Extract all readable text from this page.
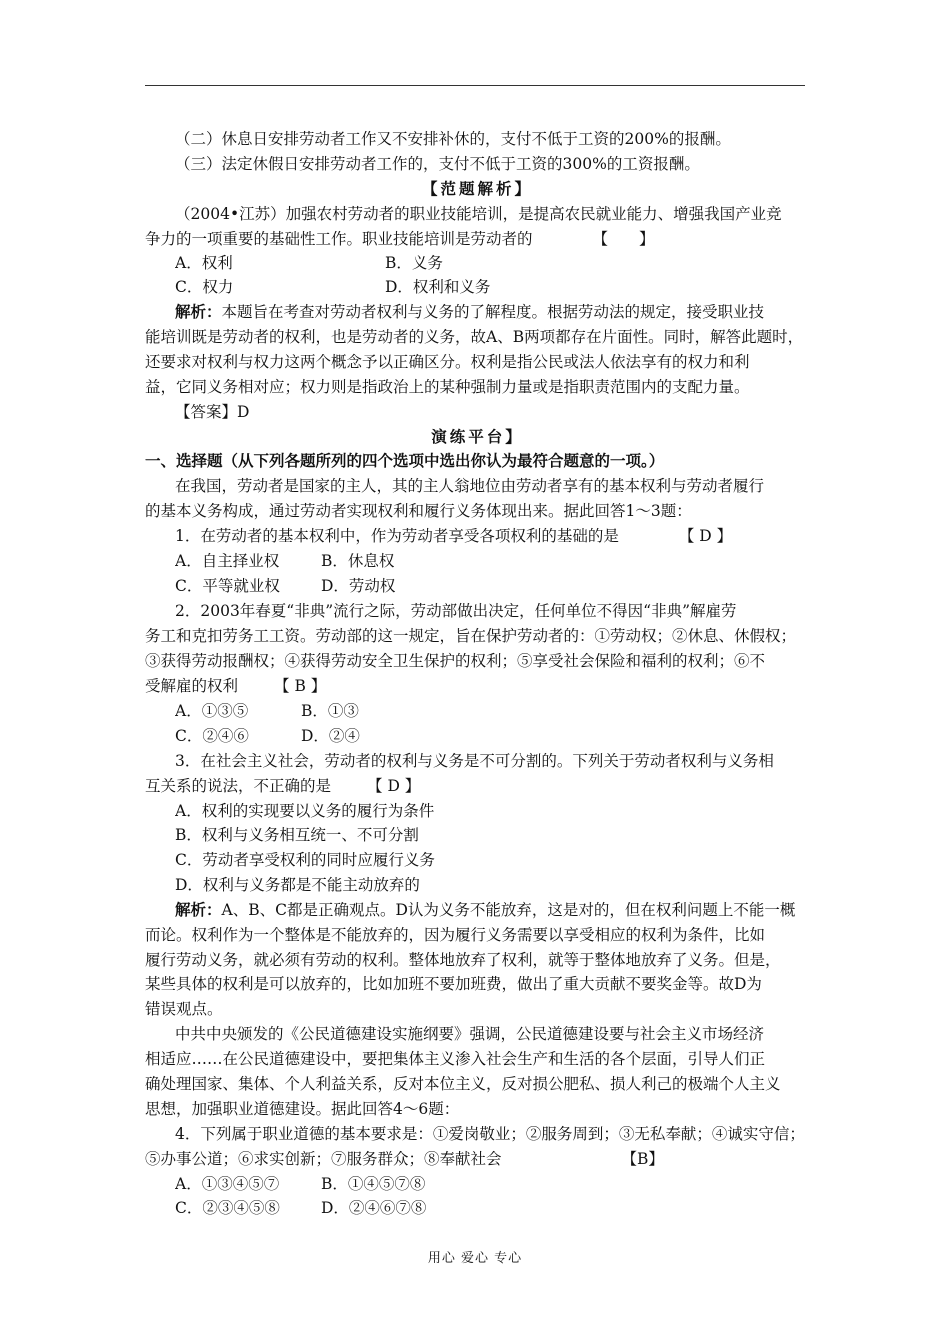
（二）休息日安排劳动者工作又不安排补休的，支付不低于工资的200%的报酬。
（三）法定休假日安排劳动者工作的，支付不低于工资的300%的工资报酬。
【范题解析】
（2004•江苏）加强农村劳动者的职业技能培训，是提高农民就业能力、增强我国产业竞
争力的一项重要的基础性工作。职业技能培训是劳动者的	【　　】
A．权利	B．义务
C．权力	D．权利和义务
解析：本题旨在考查对劳动者权利与义务的了解程度。根据劳动法的规定，接受职业技
能培训既是劳动者的权利，也是劳动者的义务，故A、B两项都存在片面性。同时，解答此题时，
还要求对权利与权力这两个概念予以正确区分。权利是指公民或法人依法享有的权力和利
益，它同义务相对应；权力则是指政治上的某种强制力量或是指职责范围内的支配力量。
【答案】D
演练平台】
一、选择题（从下列各题所列的四个选项中选出你认为最符合题意的一项。）
在我国，劳动者是国家的主人，其的主人翁地位由劳动者享有的基本权利与劳动者履行
的基本义务构成，通过劳动者实现权利和履行义务体现出来。据此回答1～3题：
1．在劳动者的基本权利中，作为劳动者享受各项权利的基础的是	【 D 】
A．自主择业权	B．休息权
C．平等就业权	D．劳动权
2．2003年春夏“非典”流行之际，劳动部做出决定，任何单位不得因“非典”解雇劳
务工和克扣劳务工工资。劳动部的这一规定，旨在保护劳动者的：①劳动权；②休息、休假权；
③获得劳动报酬权；④获得劳动安全卫生保护的权利；⑤享受社会保险和福利的权利；⑥不
受解雇的权利 【 B 】
A．①③⑤	B．①③
C．②④⑥	D．②④
3．在社会主义社会，劳动者的权利与义务是不可分割的。下列关于劳动者权利与义务相
互关系的说法，不正确的是 【 D 】
A．权利的实现要以义务的履行为条件
B．权利与义务相互统一、不可分割
C．劳动者享受权利的同时应履行义务
D．权利与义务都是不能主动放弃的
解析：A、B、C都是正确观点。D认为义务不能放弃，这是对的，但在权利问题上不能一概
而论。权利作为一个整体是不能放弃的，因为履行义务需要以享受相应的权利为条件，比如
履行劳动义务，就必须有劳动的权利。整体地放弃了权利，就等于整体地放弃了义务。但是，
某些具体的权利是可以放弃的，比如加班不要加班费，做出了重大贡献不要奖金等。故D为
错误观点。
中共中央颁发的《公民道德建设实施纲要》强调，公民道德建设要与社会主义市场经济
相适应……在公民道德建设中，要把集体主义渗入社会生产和生活的各个层面，引导人们正
确处理国家、集体、个人利益关系，反对本位主义，反对损公肥私、损人利己的极端个人主义
思想，加强职业道德建设。据此回答4～6题：
4．下列属于职业道德的基本要求是：①爱岗敬业；②服务周到；③无私奉献；④诚实守信；
⑤办事公道；⑥求实创新；⑦服务群众；⑧奉献社会	【B】
A．①③④⑤⑦	B．①④⑤⑦⑧
C．②③④⑤⑧	D．②④⑥⑦⑧
用心 爱心 专心
